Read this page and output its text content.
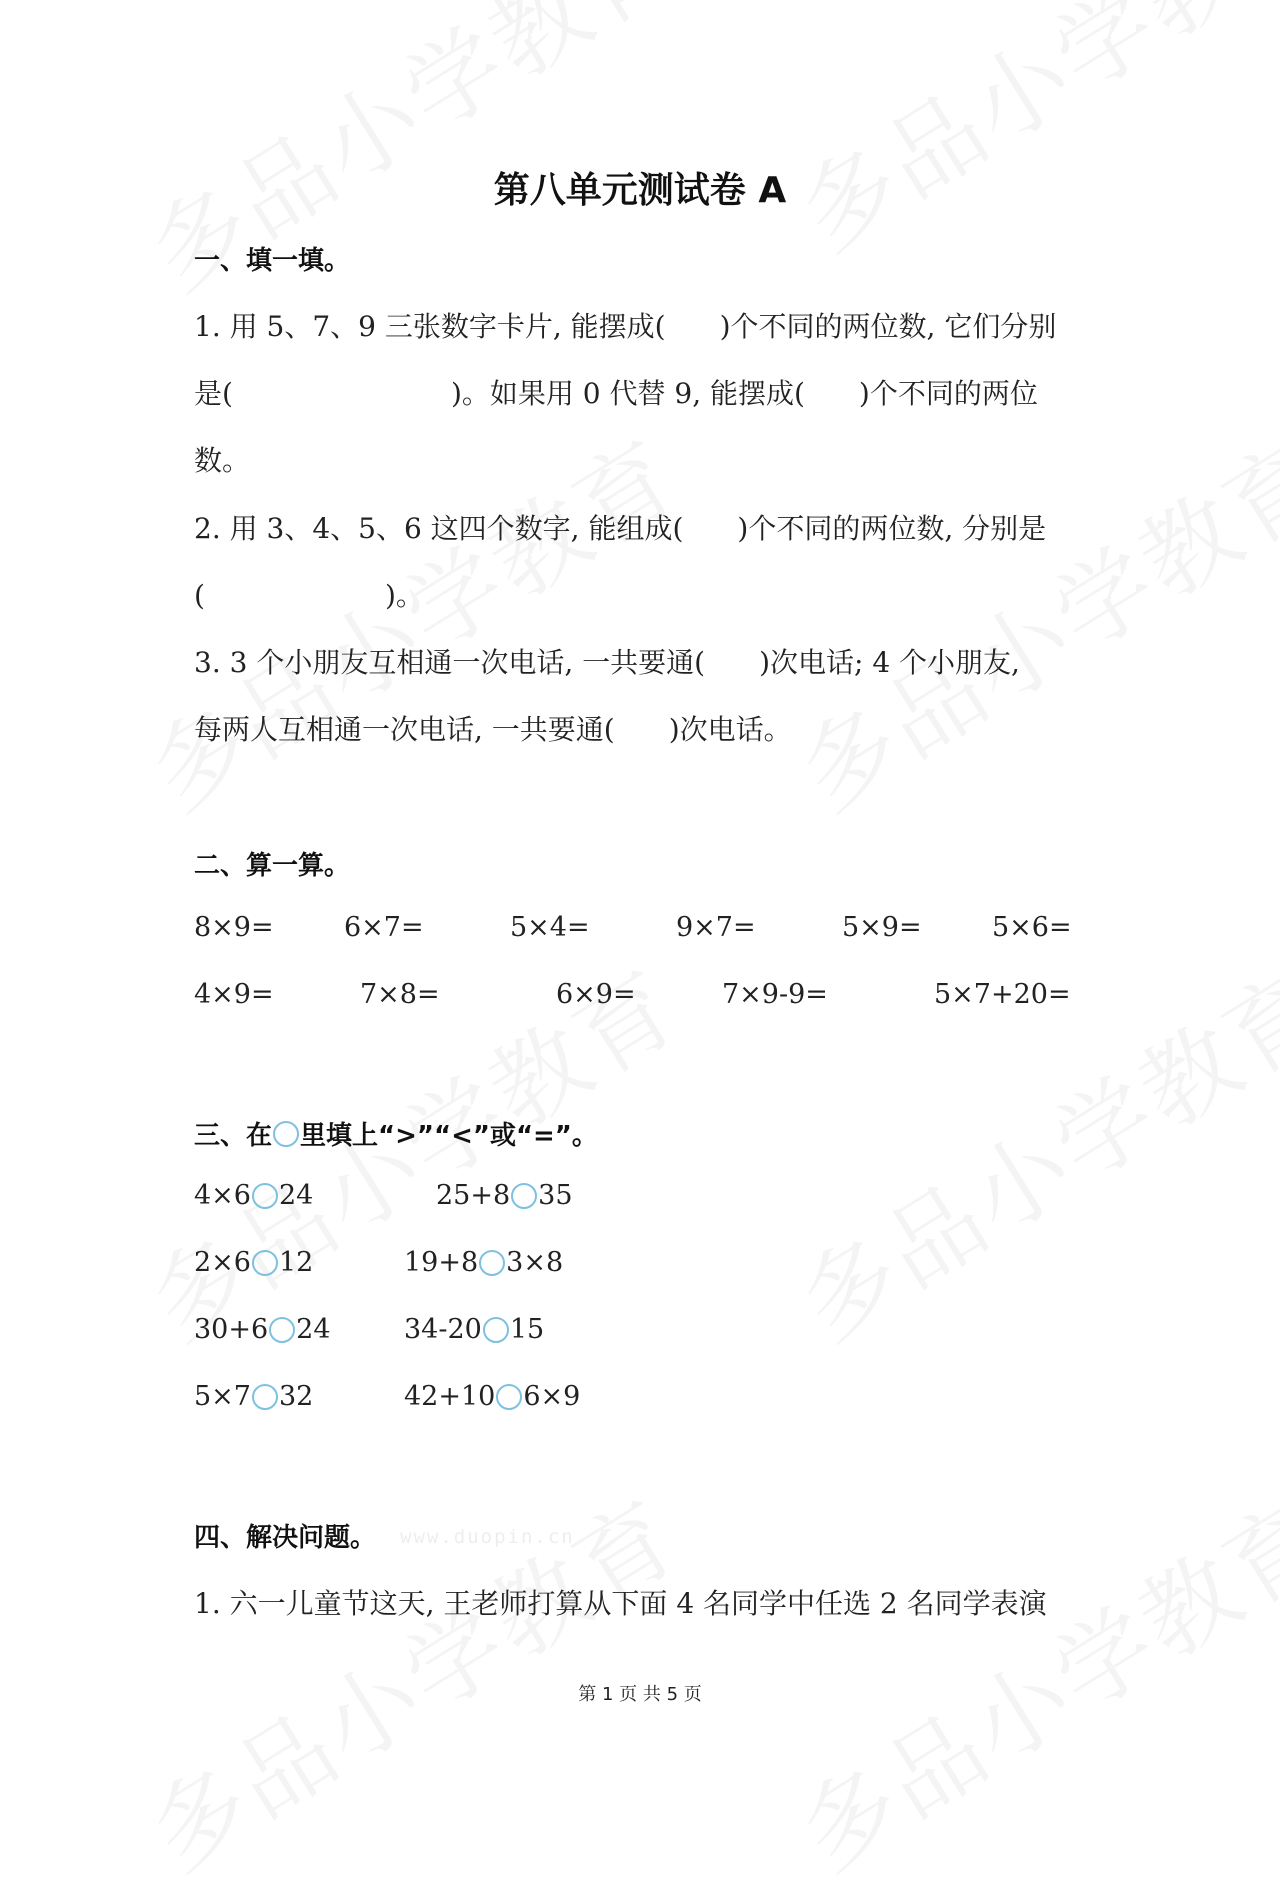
www.duopin.cn
第八单元测试卷 A
一、填一填。
1. 用 5、7、9 三张数字卡片, 能摆成( )个不同的两位数, 它们分别
是(	)。如果用 0 代替 9, 能摆成( )个不同的两位
数。
2. 用 3、4、5、6 这四个数字, 能组成( )个不同的两位数, 分别是
(	)。
3. 3 个小朋友互相通一次电话, 一共要通( )次电话; 4 个小朋友,
每两人互相通一次电话, 一共要通( )次电话。
二、算一算。
8×9=	6×7=	5×4=	9×7=	5×9=	5×6=
4×9=	7×8=	6×9=	7×9-9=	5×7+20=
三、在 里填上“>”“<”或“=”。
4×6 24	25+8 35
2×6 12	19+8 3×8
30+6 24	34-20 15
5×7 32	42+10 6×9
四、解决问题。
1. 六一儿童节这天, 王老师打算从下面 4 名同学中任选 2 名同学表演
第 1 页 共 5 页
